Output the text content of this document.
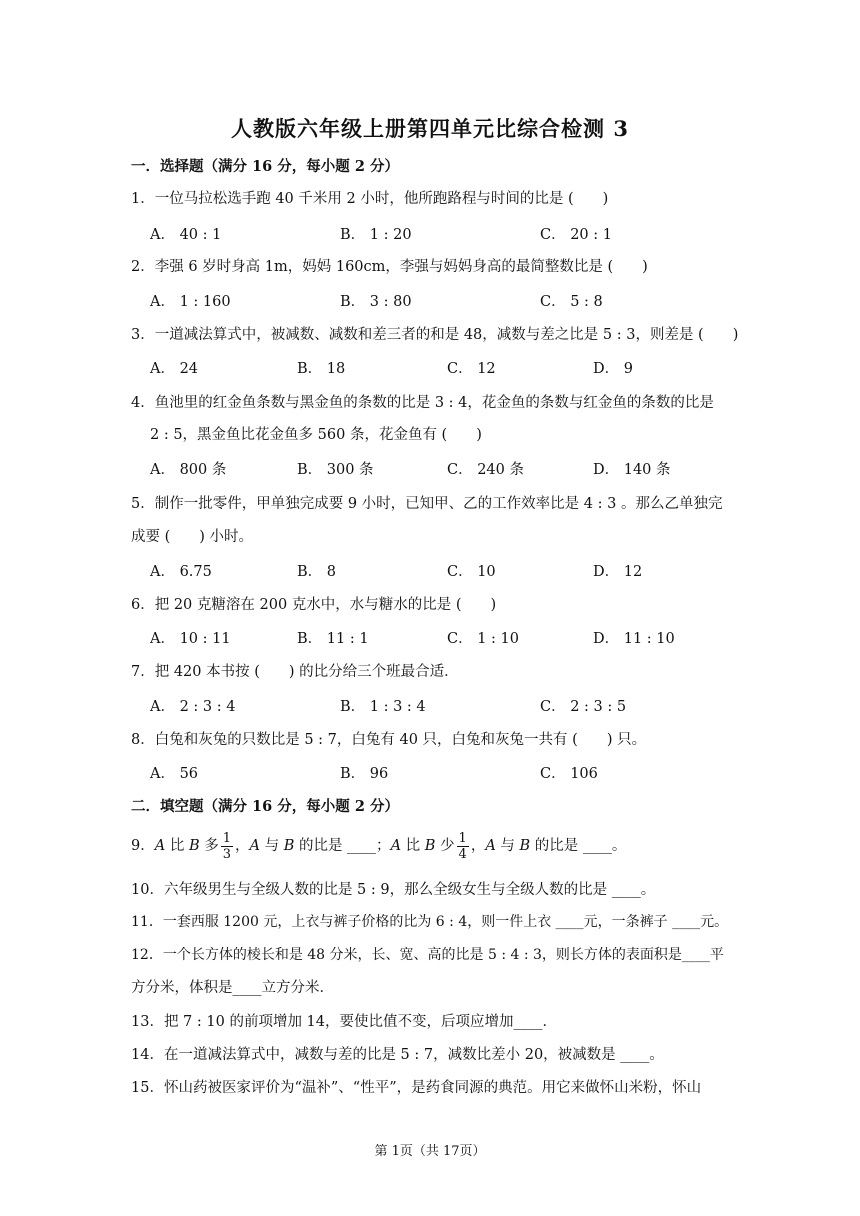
人教版六年级上册第四单元比综合检测 3
一．选择题（满分 16 分，每小题 2 分）
1．一位马拉松选手跑 40 千米用 2 小时，他所跑路程与时间的比是 (　　)
A． 40 : 1	B． 1 : 20	C． 20 : 1
2．李强 6 岁时身高 1m，妈妈 160cm，李强与妈妈身高的最简整数比是 (　　)
A． 1 : 160	B． 3 : 80	C． 5 : 8
3．一道减法算式中，被减数、减数和差三者的和是 48，减数与差之比是 5 : 3，则差是 (　　)
A． 24	B． 18	C． 12	D． 9
4．鱼池里的红金鱼条数与黑金鱼的条数的比是 3 : 4，花金鱼的条数与红金鱼的条数的比是
2 : 5，黑金鱼比花金鱼多 560 条，花金鱼有 (　　)
A． 800 条	B． 300 条	C． 240 条	D． 140 条
5．制作一批零件，甲单独完成要 9 小时，已知甲、乙的工作效率比是 4 : 3 。那么乙单独完
成要 (　　) 小时。
A． 6.75	B． 8	C． 10	D． 12
6．把 20 克糖溶在 200 克水中，水与糖水的比是 (　　)
A． 10 : 11	B． 11 : 1	C． 1 : 10	D． 11 : 10
7．把 420 本书按 (　　) 的比分给三个班最合适．
A． 2 : 3 : 4	B． 1 : 3 : 4	C． 2 : 3 : 5
8．白兔和灰兔的只数比是 5 : 7，白兔有 40 只，白兔和灰兔一共有 (　　) 只。
A． 56	B． 96	C． 106
二．填空题（满分 16 分，每小题 2 分）
9．A 比 B 多 $\frac{1}{3}$ ，A 与 B 的比是 ____；A 比 B 少 $\frac{1}{4}$ ，A 与 B 的比是 ____。
10．六年级男生与全级人数的比是 5 : 9，那么全级女生与全级人数的比是 ____。
11．一套西服 1200 元，上衣与裤子价格的比为 6 : 4，则一件上衣 ____元，一条裤子 ____元。
12．一个长方体的棱长和是 48 分米，长、宽、高的比是 5 : 4 : 3，则长方体的表面积是____平
方分米，体积是____立方分米．
13．把 7 : 10 的前项增加 14，要使比值不变，后项应增加____．
14．在一道减法算式中，减数与差的比是 5 : 7，减数比差小 20，被减数是 ____。
15．怀山药被医家评价为“温补”、“性平”，是药食同源的典范。用它来做怀山米粉，怀山
第 1页（共 17页）
